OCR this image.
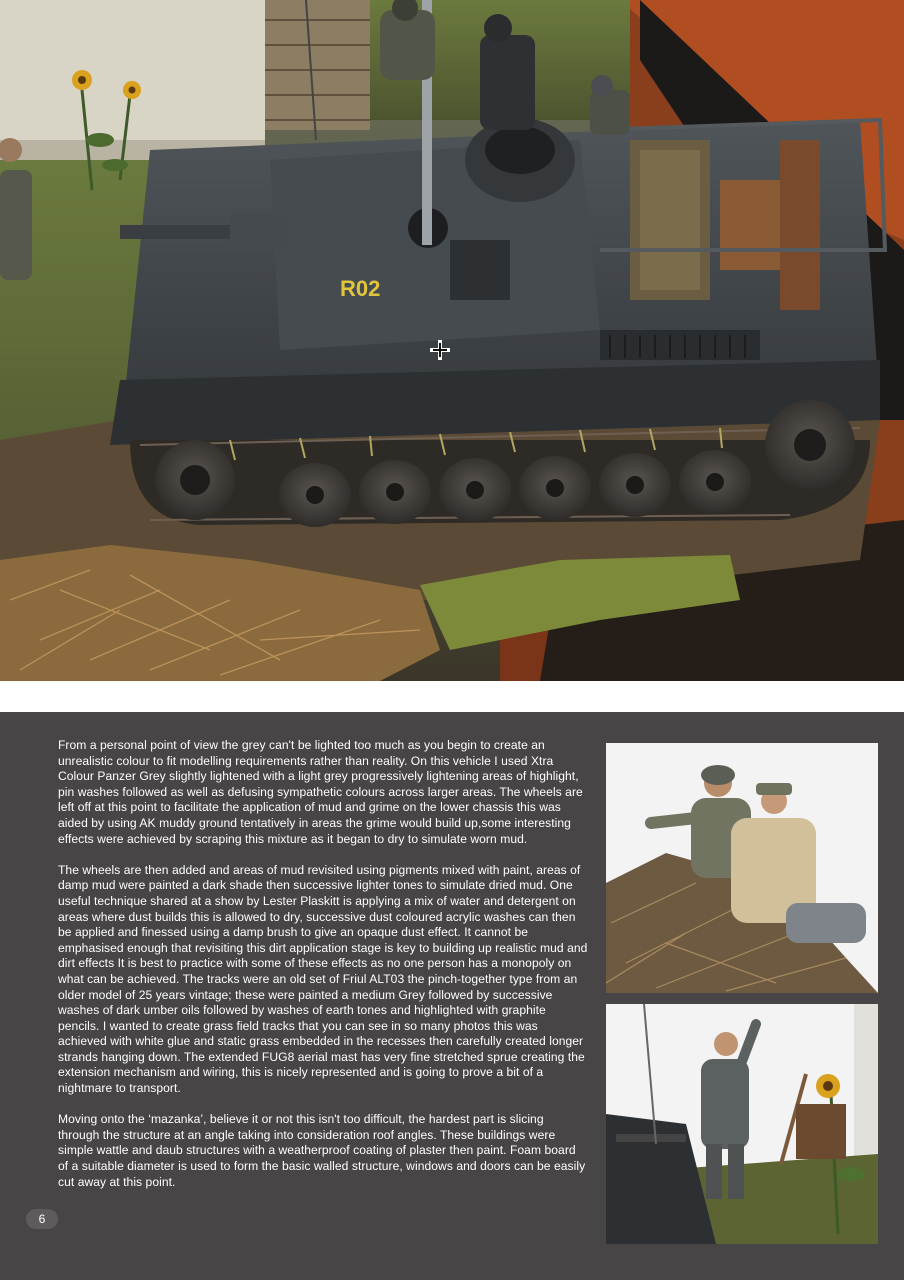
R02

From a personal point of view the grey can't be lighted too much as you begin to create an unrealistic colour to fit modelling requirements rather than reality. On this vehicle I used Xtra Colour Panzer Grey slightly lightened with a light grey progressively lightening areas of highlight, pin washes followed as well as defusing sympathetic colours across larger areas. The wheels are left off at this point to facilitate the application of mud and grime on the lower chassis this was aided by using AK muddy ground tentatively in areas the grime would build up,some interesting effects were achieved by scraping this mixture as it began to dry to simulate worn mud.

The wheels are then added and areas of mud revisited using pigments mixed with paint, areas of damp mud were painted a dark shade then successive lighter tones to simulate dried mud. One useful technique shared at a show by Lester Plaskitt is applying a mix of water and detergent on areas where dust builds this is allowed to dry, successive dust coloured acrylic washes can then be applied and finessed using a damp brush to give an opaque dust effect. It cannot be emphasised enough that revisiting this dirt application stage is key to building up realistic mud and dirt effects It is best to practice with some of these effects as no one person has a monopoly on what can be achieved. The tracks were an old set of Friul ALT03 the pinch-together type from an older model of 25 years vintage; these were painted a medium Grey followed by successive washes of dark umber oils followed by washes of earth tones and highlighted with graphite pencils. I wanted to create grass field tracks that you can see in so many photos this was achieved with white glue and static grass embedded in the recesses then carefully created longer strands hanging down. The extended FUG8 aerial mast has very fine stretched sprue creating the extension mechanism and wiring, this is nicely represented and is going to prove a bit of a nightmare to transport.

Moving onto the ‘mazanka’, believe it or not this isn't too difficult, the hardest part is slicing through the structure at an angle taking into consideration roof angles. These buildings were simple wattle and daub structures with a weatherproof coating of plaster then paint. Foam board of a suitable diameter is used to form the basic walled structure, windows and doors can be easily cut away at this point.

6
